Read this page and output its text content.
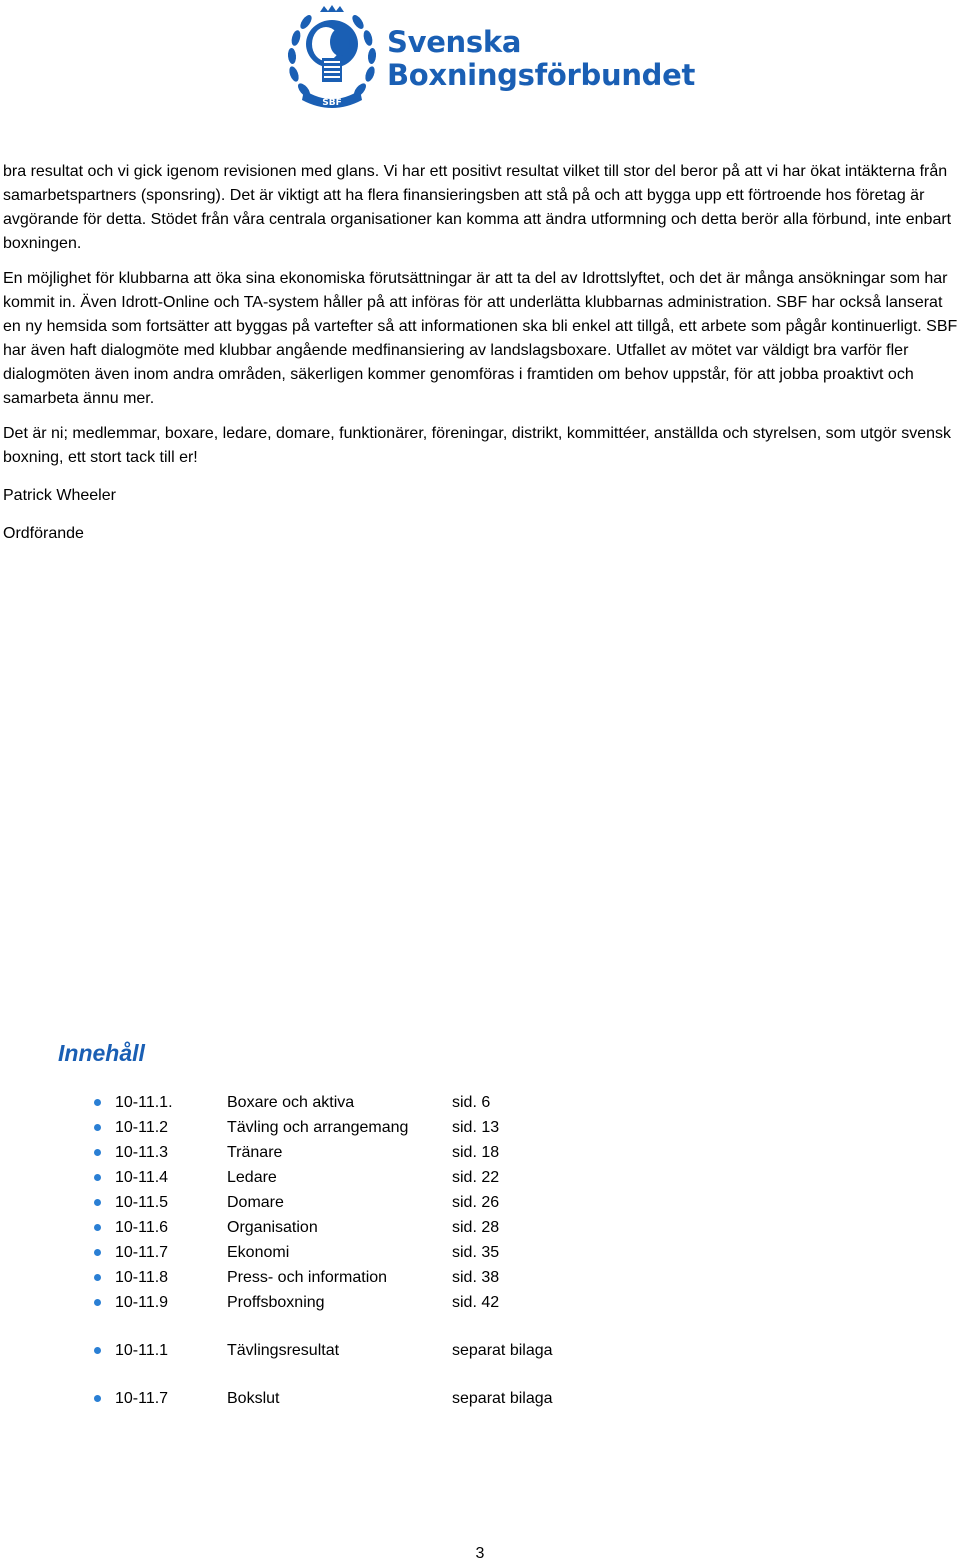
SBF
Svenska
Boxningsförbundet

bra resultat och vi gick igenom revisionen med glans. Vi har ett positivt resultat vilket till stor del beror på att vi har ökat intäkterna från samarbetspartners (sponsring). Det är viktigt att ha flera finansieringsben att stå på och att bygga upp ett förtroende hos företag är avgörande för detta. Stödet från våra centrala organisationer kan komma att ändra utformning och detta berör alla förbund, inte enbart boxningen.

En möjlighet för klubbarna att öka sina ekonomiska förutsättningar är att ta del av Idrottslyftet, och det är många ansökningar som har kommit in. Även Idrott-Online och TA-system håller på att införas för att underlätta klubbarnas administration. SBF har också lanserat en ny hemsida som fortsätter att byggas på vartefter så att informationen ska bli enkel att tillgå, ett arbete som pågår kontinuerligt. SBF har även haft dialogmöte med klubbar angående medfinansiering av landslagsboxare. Utfallet av mötet var väldigt bra varför fler dialogmöten även inom andra områden, säkerligen kommer genomföras i framtiden om behov uppstår, för att jobba proaktivt och samarbeta ännu mer.

Det är ni; medlemmar, boxare, ledare, domare, funktionärer, föreningar, distrikt, kommittéer, anställda och styrelsen, som utgör svensk boxning, ett stort tack till er!

Patrick Wheeler

Ordförande

Innehåll
10-11.1.	Boxare och aktiva	sid. 6
10-11.2	Tävling och arrangemang	sid. 13
10-11.3	Tränare	sid. 18
10-11.4	Ledare	sid. 22
10-11.5	Domare	sid. 26
10-11.6	Organisation	sid. 28
10-11.7	Ekonomi	sid. 35
10-11.8	Press- och information	sid. 38
10-11.9	Proffsboxning	sid. 42
10-11.1	Tävlingsresultat	separat bilaga
10-11.7	Bokslut	separat bilaga
3
